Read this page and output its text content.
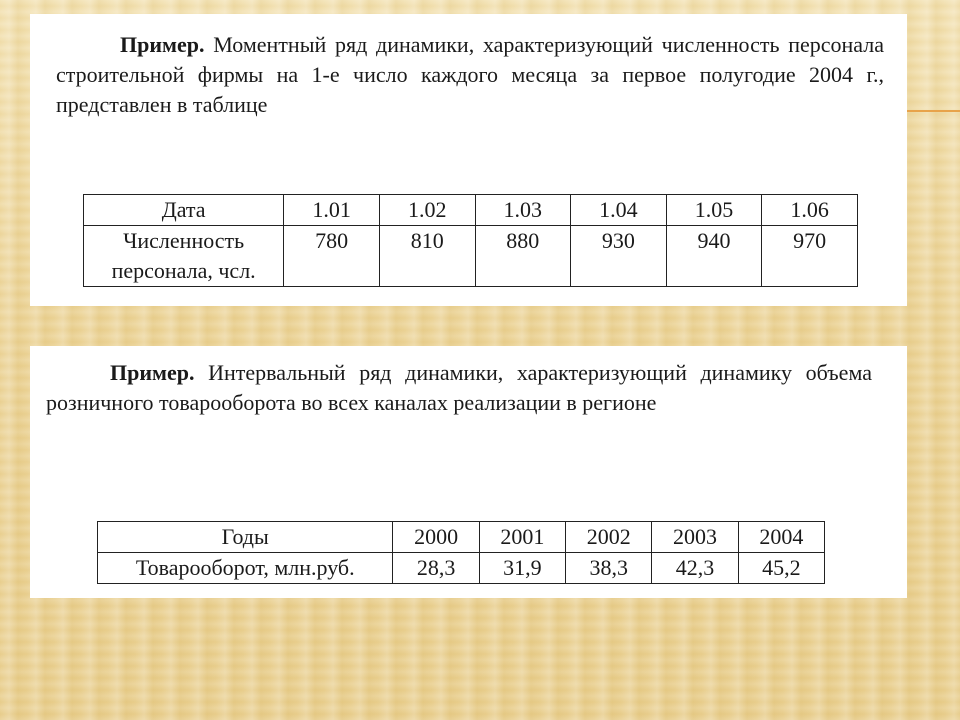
Пример. Моментный ряд динамики, характеризующий численность персонала строительной фирмы на 1-е число каждого месяца за первое полугодие 2004 г., представлен в таблице
Дата	1.01	1.02	1.03	1.04	1.05	1.06
Численность персонала, чсл.	780	810	880	930	940	970
Пример. Интервальный ряд динамики, характеризующий динамику объема розничного товарооборота во всех каналах реализации в регионе
Годы	2000	2001	2002	2003	2004
Товарооборот, млн.руб.	28,3	31,9	38,3	42,3	45,2
